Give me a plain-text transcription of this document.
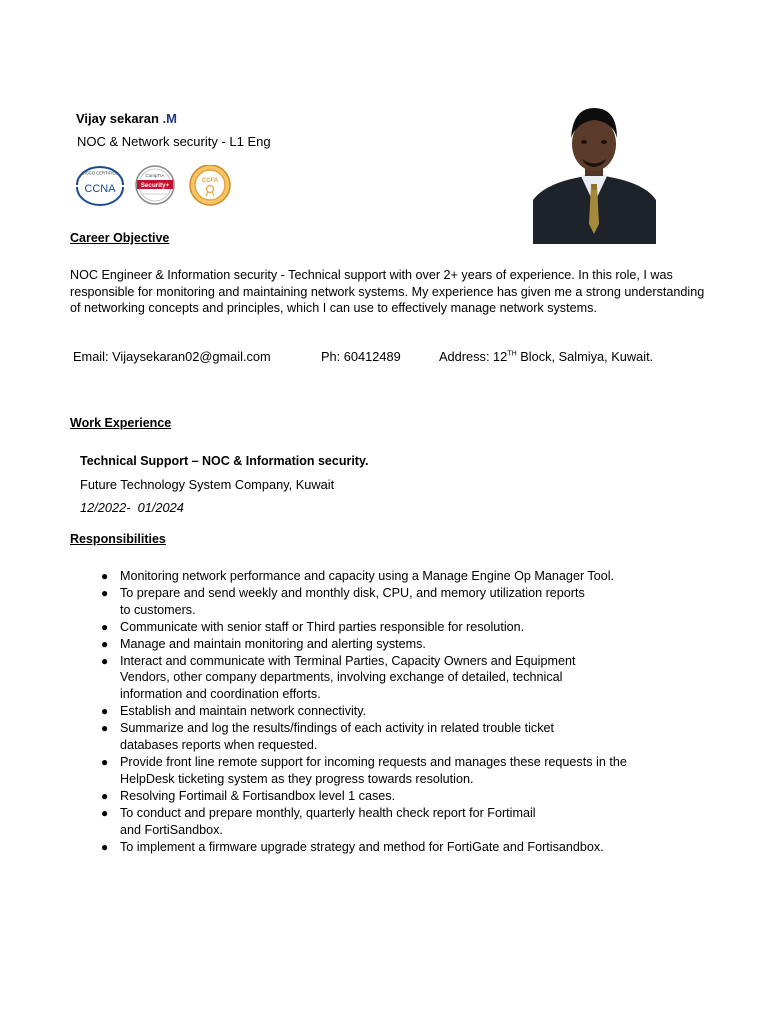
Vijay sekaran .M
NOC & Network security - L1 Eng
CISCO CERTIFIED
CCNA
CompTIA
Security+
CCFA
Career Objective
NOC Engineer & Information security - Technical support with over 2+ years of experience. In this role, I was responsible for monitoring and maintaining network systems. My experience has given me a strong understanding of networking concepts and principles, which I can use to effectively manage network systems.
Email: Vijaysekaran02@gmail.com	Ph: 60412489	Address: 12TH Block, Salmiya, Kuwait.
Work Experience
Technical Support – NOC & Information security.
Future Technology System Company, Kuwait
12/2022-  01/2024
Responsibilities
● Monitoring network performance and capacity using a Manage Engine Op Manager Tool.
● To prepare and send weekly and monthly disk, CPU, and memory utilization reports
to customers.
● Communicate with senior staff or Third parties responsible for resolution.
● Manage and maintain monitoring and alerting systems.
● Interact and communicate with Terminal Parties, Capacity Owners and Equipment
Vendors, other company departments, involving exchange of detailed, technical
information and coordination efforts.
● Establish and maintain network connectivity.
● Summarize and log the results/findings of each activity in related trouble ticket
databases reports when requested.
● Provide front line remote support for incoming requests and manages these requests in the
HelpDesk ticketing system as they progress towards resolution.
● Resolving Fortimail & Fortisandbox level 1 cases.
● To conduct and prepare monthly, quarterly health check report for Fortimail
and FortiSandbox.
● To implement a firmware upgrade strategy and method for FortiGate and Fortisandbox.
